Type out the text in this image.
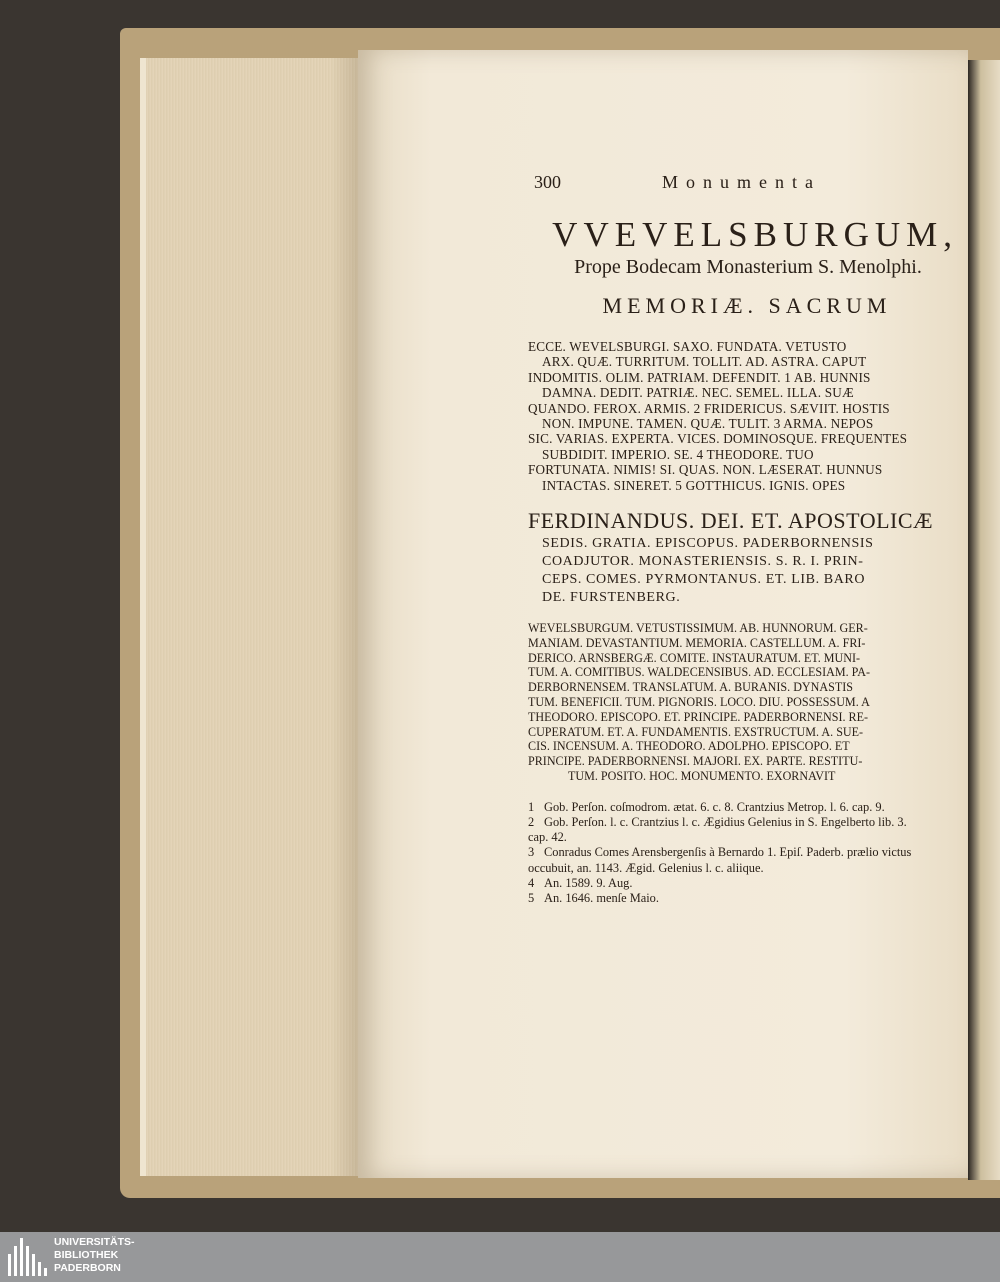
300	Monumenta
VVEVELSBURGUM,
Prope Bodecam Monasterium S. Menolphi.
MEMORIÆ. SACRUM
ECCE. WEVELSBURGI. SAXO. FUNDATA. VETUSTO
ARX. QUÆ. TURRITUM. TOLLIT. AD. ASTRA. CAPUT
INDOMITIS. OLIM. PATRIAM. DEFENDIT. 1 AB. HUNNIS
DAMNA. DEDIT. PATRIÆ. NEC. SEMEL. ILLA. SUÆ
QUANDO. FEROX. ARMIS. 2 FRIDERICUS. SÆVIIT. HOSTIS
NON. IMPUNE. TAMEN. QUÆ. TULIT. 3 ARMA. NEPOS
SIC. VARIAS. EXPERTA. VICES. DOMINOSQUE. FREQUENTES
SUBDIDIT. IMPERIO. SE. 4 THEODORE. TUO
FORTUNATA. NIMIS! SI. QUAS. NON. LÆSERAT. HUNNUS
INTACTAS. SINERET. 5 GOTTHICUS. IGNIS. OPES
FERDINANDUS. DEI. ET. APOSTOLICÆ
SEDIS. GRATIA. EPISCOPUS. PADERBORNENSIS
COADJUTOR. MONASTERIENSIS. S. R. I. PRIN-
CEPS. COMES. PYRMONTANUS. ET. LIB. BARO
DE. FURSTENBERG.
WEVELSBURGUM. VETUSTISSIMUM. AB. HUNNORUM. GER-
MANIAM. DEVASTANTIUM. MEMORIA. CASTELLUM. A. FRI-
DERICO. ARNSBERGÆ. COMITE. INSTAURATUM. ET. MUNI-
TUM. A. COMITIBUS. WALDECENSIBUS. AD. ECCLESIAM. PA-
DERBORNENSEM. TRANSLATUM. A. BURANIS. DYNASTIS
TUM. BENEFICII. TUM. PIGNORIS. LOCO. DIU. POSSESSUM. A
THEODORO. EPISCOPO. ET. PRINCIPE. PADERBORNENSI. RE-
CUPERATUM. ET. A. FUNDAMENTIS. EXSTRUCTUM. A. SUE-
CIS. INCENSUM. A. THEODORO. ADOLPHO. EPISCOPO. ET
PRINCIPE. PADERBORNENSI. MAJORI. EX. PARTE. RESTITU-
TUM. POSITO. HOC. MONUMENTO. EXORNAVIT
1 Gob. Perſon. coſmodrom. ætat. 6. c. 8. Crantzius Metrop. l. 6. cap. 9.
2 Gob. Perſon. l. c. Crantzius l. c. Ægidius Gelenius in S. Engelberto lib. 3.
cap. 42.
3 Conradus Comes Arensbergenſis à Bernardo 1. Epiſ. Paderb. prælio victus
occubuit, an. 1143. Ægid. Gelenius l. c. aliique.
4 An. 1589. 9. Aug.
5 An. 1646. menſe Maio.
UNIVERSITÄTS-
BIBLIOTHEK
PADERBORN
